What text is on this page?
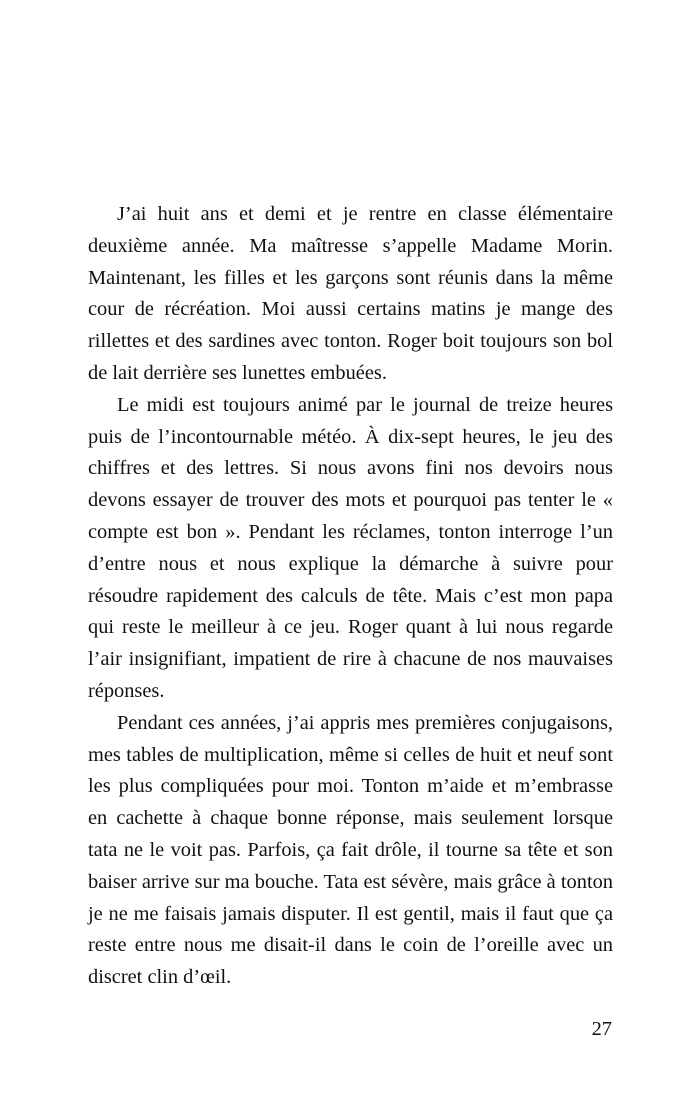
J’ai huit ans et demi et je rentre en classe élémentaire deuxième année. Ma maîtresse s’appelle Madame Morin. Maintenant, les filles et les garçons sont réunis dans la même cour de récréation. Moi aussi certains matins je mange des rillettes et des sardines avec tonton. Roger boit toujours son bol de lait derrière ses lunettes embuées.

Le midi est toujours animé par le journal de treize heures puis de l’incontournable météo. À dix-sept heures, le jeu des chiffres et des lettres. Si nous avons fini nos devoirs nous devons essayer de trouver des mots et pourquoi pas tenter le « compte est bon ». Pendant les réclames, tonton interroge l’un d’entre nous et nous explique la démarche à suivre pour résoudre rapidement des calculs de tête. Mais c’est mon papa qui reste le meilleur à ce jeu. Roger quant à lui nous regarde l’air insignifiant, impatient de rire à chacune de nos mauvaises réponses.

Pendant ces années, j’ai appris mes premières conjugaisons, mes tables de multiplication, même si celles de huit et neuf sont les plus compliquées pour moi. Tonton m’aide et m’embrasse en cachette à chaque bonne réponse, mais seulement lorsque tata ne le voit pas. Parfois, ça fait drôle, il tourne sa tête et son baiser arrive sur ma bouche. Tata est sévère, mais grâce à tonton je ne me faisais jamais disputer. Il est gentil, mais il faut que ça reste entre nous me disait-il dans le coin de l’oreille avec un discret clin d’œil.

27
